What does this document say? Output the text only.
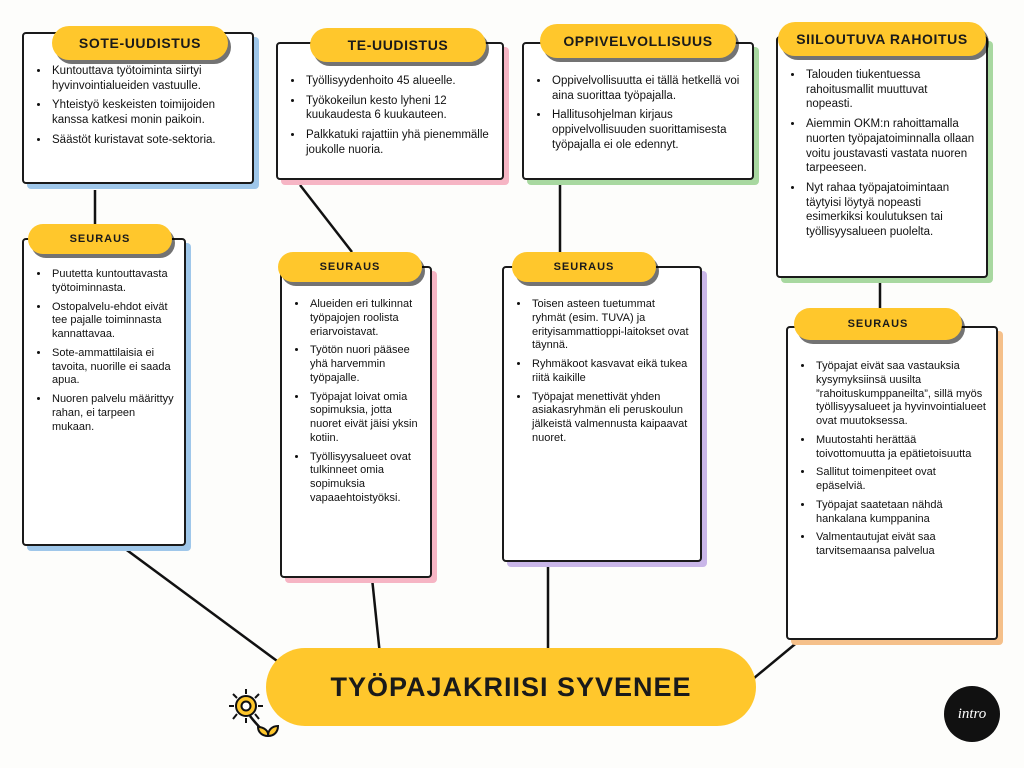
• Kuntouttava työtoiminta siirtyi hyvinvointialueiden vastuulle.
• Yhteistyö keskeisten toimijoiden kanssa katkesi monin paikoin.
• Säästöt kuristavat sote-sektoria.
SOTE-UUDISTUS
• Työllisyydenhoito 45 alueelle.
• Työkokeilun kesto lyheni 12 kuukaudesta 6 kuukauteen.
• Palkkatuki rajattiin yhä pienemmälle joukolle nuoria.
TE-UUDISTUS
• Oppivelvollisuutta ei tällä hetkellä voi aina suorittaa työpajalla.
• Hallitusohjelman kirjaus oppivelvollisuuden suorittamisesta työpajalla ei ole edennyt.
OPPIVELVOLLISUUS
• Talouden tiukentuessa rahoitusmallit muuttuvat nopeasti.
• Aiemmin OKM:n rahoittamalla nuorten työpajatoiminnalla ollaan voitu joustavasti vastata nuoren tarpeeseen.
• Nyt rahaa työpajatoimintaan täytyisi löytyä nopeasti esimerkiksi koulutuksen tai työllisyysalueen puolelta.
SIILOUTUVA RAHOITUS
• Puutetta kuntouttavasta työtoiminnasta.
• Ostopalvelu-ehdot eivät tee pajalle toiminnasta kannattavaa.
• Sote-ammattilaisia ei tavoita, nuorille ei saada apua.
• Nuoren palvelu määrittyy rahan, ei tarpeen mukaan.
SEURAUS
• Alueiden eri tulkinnat työpajojen roolista eriarvoistavat.
• Työtön nuori pääsee yhä harvemmin työpajalle.
• Työpajat loivat omia sopimuksia, jotta nuoret eivät jäisi yksin kotiin.
• Työllisyysalueet ovat tulkinneet omia sopimuksia vapaaehtoistyöksi.
SEURAUS
• Toisen asteen tuetummat ryhmät (esim. TUVA) ja erityisammattioppi-laitokset ovat täynnä.
• Ryhmäkoot kasvavat eikä tukea riitä kaikille
• Työpajat menettivät yhden asiakasryhmän eli peruskoulun jälkeistä valmennusta kaipaavat nuoret.
SEURAUS
• Työpajat eivät saa vastauksia kysymyksiinsä uusilta ”rahoituskumppaneilta”, sillä myös työllisyysalueet ja hyvinvointialueet ovat muutoksessa.
• Muutostahti herättää toivottomuutta ja epätietoisuutta
• Sallitut toimenpiteet ovat epäselviä.
• Työpajat saatetaan nähdä hankalana kumppanina
• Valmentautujat eivät saa tarvitsemaansa palvelua
SEURAUS
TYÖPAJAKRIISI SYVENEE
intro
